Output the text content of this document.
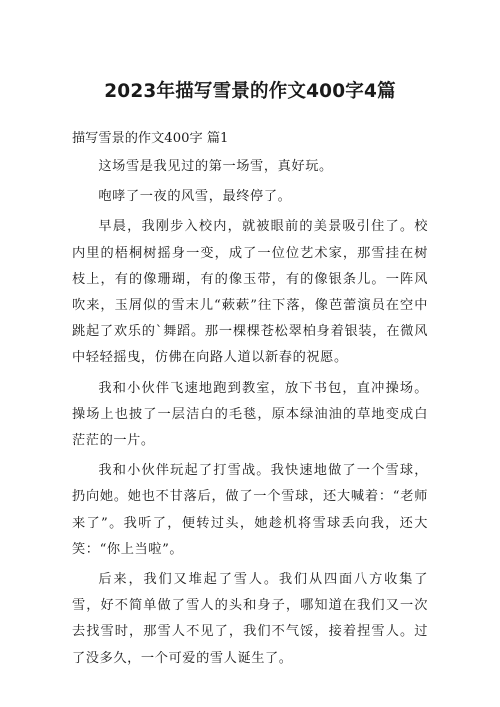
2023年描写雪景的作文400字4篇
描写雪景的作文400字 篇1

这场雪是我见过的第一场雪，真好玩。

咆哮了一夜的风雪，最终停了。

早晨，我刚步入校内，就被眼前的美景吸引住了。校内里的梧桐树摇身一变，成了一位位艺术家，那雪挂在树枝上，有的像珊瑚，有的像玉带，有的像银条儿。一阵风吹来，玉屑似的雪末儿“蔌蔌”往下落，像芭蕾演员在空中跳起了欢乐的`舞蹈。那一棵棵苍松翠柏身着银装，在微风中轻轻摇曳，仿佛在向路人道以新春的祝愿。

我和小伙伴飞速地跑到教室，放下书包，直冲操场。操场上也披了一层洁白的毛毯，原本绿油油的草地变成白茫茫的一片。

我和小伙伴玩起了打雪战。我快速地做了一个雪球，扔向她。她也不甘落后，做了一个雪球，还大喊着：“老师来了”。我听了，便转过头，她趁机将雪球丢向我，还大笑：“你上当啦”。

后来，我们又堆起了雪人。我们从四面八方收集了雪，好不简单做了雪人的头和身子，哪知道在我们又一次去找雪时，那雪人不见了，我们不气馁，接着捏雪人。过了没多久，一个可爱的雪人诞生了。
